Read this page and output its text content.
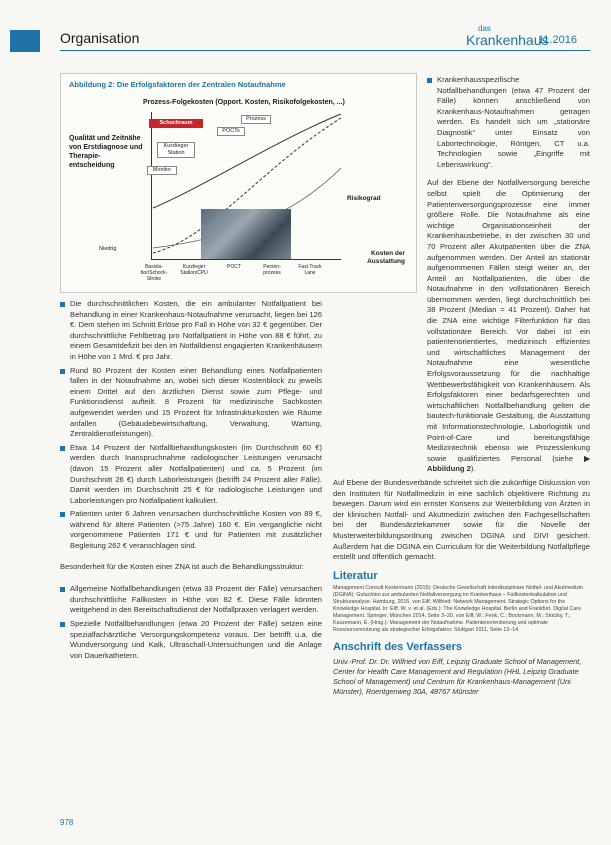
Organisation
das
Krankenhaus
11.2016
Abbildung 2: Die Erfolgsfaktoren der Zentralen Notaufnahme
Prozess-Folgekosten (Opport. Kosten, Risikofolgekosten, ...)
Qualität und Zeitnähe von Erstdiagnose und Therapie-entscheidung
Risikograd
Kosten der Ausstattung
Niedrig
Schockraum
POCTs
Prozess
Kurzlieger Station
Monitor
Basisla- bor/Schock- Stroke
Kurzlieger Station/CPU
POCT	Person- prozess
Fast Track Lane
Krankenhausspezifische Notfallbehandlungen (etwa 47 Prozent der Fälle) können anschließend von Krankenhaus-Notaufnahmen getragen werden. Es handelt sich um „stationäre Diagnostik“ unter Einsatz von Labortechnologie, Röntgen, CT u.a. Technologien sowie „Eingriffe mit Lebenswirkung“.

Auf der Ebene der Notfallversorgung bereiche selbst spielt die Optimierung der Patientenversorgungsprozesse eine immer größere Rolle. Die Notaufnahme als eine wichtige Organisationseinheit der Krankenhausbetriebe, in der zwischen 30 und 70 Prozent aller Akutpatienten über die ZNA aufgenommen werden. Der Anteil an stationär aufgenommenen Fällen steigt weiter an, der Anteil an Notfallpatienten, die über die Notaufnahme in den vollstationären Bereich übernommen werden, liegt durchschnittlich bei 38 Prozent (Median = 41 Prozent). Daher hat die ZNA eine wichtige Filterfunktion für das vollstationäre Bereich. Vor dabei ist ein patientenorientiertes, medizinisch effizientes und wirtschaftliches Management der Notaufnahme eine wesentliche Erfolgsvoraussetzung für die nachhaltige Wettbewerbsfähigkeit von Krankenhäusern. Als Erfolgsfaktoren einer bedarfsgerechten und wirtschaftlichen Notfallbehandlung gelten die bautech-funktionale Gestaltung, die Ausstattung mit Informationstechnologie, Laborlogistik und Point-of-Care und bereitungsfähige Medizintechnik ebenso wie Prozesslenkung sowie qualifiziertes Personal (siehe ▶ Abbildung 2).

Die durchschnittlichen Kosten, die ein ambulanter Notfallpatient bei Behandlung in einer Krankenhaus-Notaufnahme verursacht, liegen bei 126 €. Dem stehen im Schnitt Erlöse pro Fall in Höhe von 32 € gegenüber. Der durchschnittliche Fehlbetrag pro Notfallpatient in Höhe von 88 € führt, zu einem Gesamtdefizit bei den im Notfalldienst engagierten Krankenhäusern in Höhe von 1 Mrd. € pro Jahr.
Rund 80 Prozent der Kosten einer Behandlung eines Notfallpatienten fallen in der Notaufnahme an, wobei sich dieser Kostenblock zu jeweils einem Drittel auf den ärztlichen Dienst sowie zum Pflege- und Funktionsdienst aufteilt. 8 Prozent für medizinische Sachkosten aufgewendet werden und 15 Prozent für Infrastrukturkosten wie Räume anfallen (Gebäudebewirtschaftung, Verwaltung, Wartung, Zentraldienstleistungen).
Etwa 14 Prozent der Notfallbehandlungskosten (im Durchschnitt 60 €) werden durch Inanspruchnahme radiologischer Leistungen verursacht (davon 15 Prozent aller Notfallpatienten) und ca. 5 Prozent (im Durchschnitt 26 €) durch Laborleistungen (betrifft 24 Prozent aller Fälle). Damit werden im Durchschnitt 25 € für radiologische Leistungen und Laborleistungen pro Notfallpatient kalkuliert.
Patienten unter 6 Jahren verursachen durchschnittliche Kosten von 89 €, während für ältere Patienten (>75 Jahre) 160 €. Ein vergangliche nicht vorgenommene Patienten 171 € und für Patienten mit zusätzlicher Begleitung 262 € veranschlagen sind.

Besonderheit für die Kosten einer ZNA ist auch die Behandlungsstruktur:

Allgemeine Notfallbehandlungen (etwa 33 Prozent der Fälle) verursachen durchschnittliche Fallkosten in Höhe von 82 €. Diese Fälle könnten weitgehend in den Bereitschaftsdienst der Notfallpraxen verlagert werden.
Spezielle Notfallbehandlungen (etwa 20 Prozent der Fälle) setzen eine spezialfachärztliche Versorgungskompetenz voraus. Der betrifft u.a. die Wundversorgung und Kalk, Ultraschall-Untersuchungen und die Anlage von Dauerkathetern.

Auf Ebene der Bundesverbände schreitet sich die zukünftige Diskussion von den Instituten für Notfallmedizin in eine sachlich objektivere Richtung zu bewegen. Darum wird ein ernster Konsens zur Weiterbildung von Ärzten in der klinischen Notfall- und Akutmedizin zwischen den Fachgesellschaften bei der Bundesärztekammer sowie für die Novelle der Musterweiterbildungsordnung zwischen DGINA und DIVI gesichert. Außerdem hat die DGINA ein Curriculum für die Weiterbildung Notfallpflege erstellt und öffentlich gemacht.

Literatur
Management Consult Kestermann (2015): Deutsche Gesellschaft interdisziplinäre Notfall- und Akutmedizin (DGINA): Gutachten zur ambulanten Notfallversorgung im Krankenhaus – Fallkostenkalkulation und Strukturanalyse. Hamburg, 2015. von Eiff, Wilfried: Network Management. Strategic Options for the Knowledge Hospital. In: Eiff, W. v. et al. (Eds.): The Knowledge Hospital. Berlin and Frankfurt. Digital Care Management. Springer, München 2014, Seite 3–20. von Eiff, W.; Fenk, C.; Bockmann, M.; Stotzky, T.; Kaszemann, E. (Hrsg.): Management der Notaufnahme. Patientenorientierung und optimale Ressourcennutzung als strategischer Erfolgsfaktor. Stuttgart 2011, Seite 13–14.
Anschrift des Verfassers
Univ.-Prof. Dr. Dr. Wilfried von Eiff, Leipzig Graduate School of Management, Center for Health Care Management and Regulation (HHL Leipzig Graduate School of Management) und Centrum für Krankenhaus-Management (Uni Münster), Roentgenweg 30A, 48767 Münster
978
